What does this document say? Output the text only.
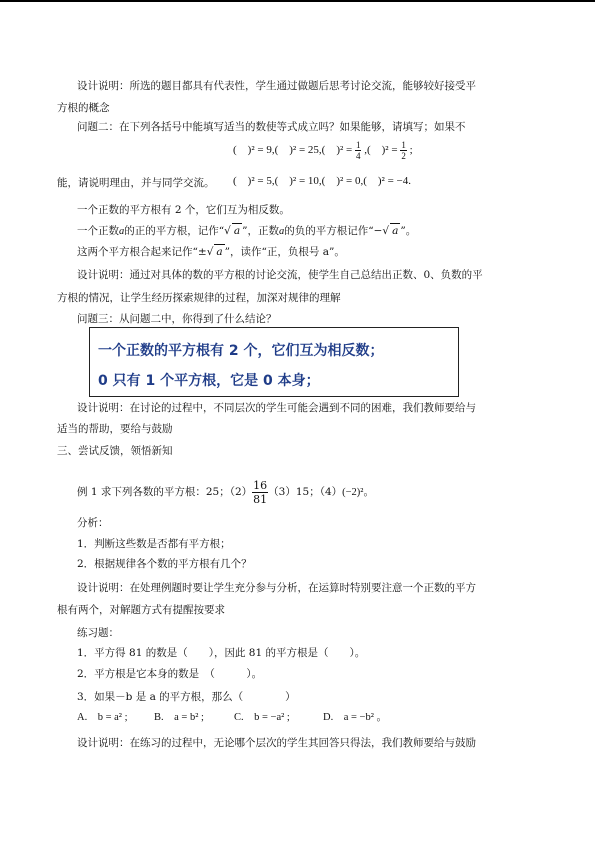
设计说明：所选的题目都具有代表性，学生通过做题后思考讨论交流，能够较好接受平
方根的概念
问题二：在下列各括号中能填写适当的数使等式成立吗？如果能够，请填写；如果不
(　)² = 9,(　)² = 25,(　)$^2 = \frac{1}{4}$ ,(　)$^2 = \frac{1}{2}$ ;
能，请说明理由，并与同学交流。 (　)² = 5,(　)² = 10,(　)² = 0,(　)² = −4.
一个正数的平方根有 2 个，它们互为相反数。
一个正数a的正的平方根，记作“√ a ”，正数a的负的平方根记作“−√ a ”。
这两个平方根合起来记作“±√ a ”，读作“正，负根号 a”。
设计说明：通过对具体的数的平方根的讨论交流，使学生自己总结出正数、0、负数的平
方根的情况，让学生经历探索规律的过程，加深对规律的理解
问题三：从问题二中，你得到了什么结论？
一个正数的平方根有 2 个，它们互为相反数；
0 只有 1 个平方根，它是 0 本身；
设计说明：在讨论的过程中，不同层次的学生可能会遇到不同的困难，我们教师要给与
适当的帮助，要给与鼓励
三、尝试反馈，领悟新知
例 1 求下列各数的平方根：25；$(2) \frac{16}{81} (3)15$；（4）(−2)²。
分析：
1．判断这些数是否都有平方根；
2．根据规律各个数的平方根有几个？
设计说明：在处理例题时要让学生充分参与分析，在运算时特别要注意一个正数的平方
根有两个，对解题方式有提醒按要求
练习题：
1．平方得 81 的数是（　　），因此 81 的平方根是（　　）。
2．平方根是它本身的数是　（　　　）。
3．如果－b 是 a 的平方根，那么（　　　　）
A.　b = a² ;	B.　a = b² ;	C.　b = −a² ;	D.　a = −b² 。
设计说明：在练习的过程中，无论哪个层次的学生其回答只得法，我们教师要给与鼓励
